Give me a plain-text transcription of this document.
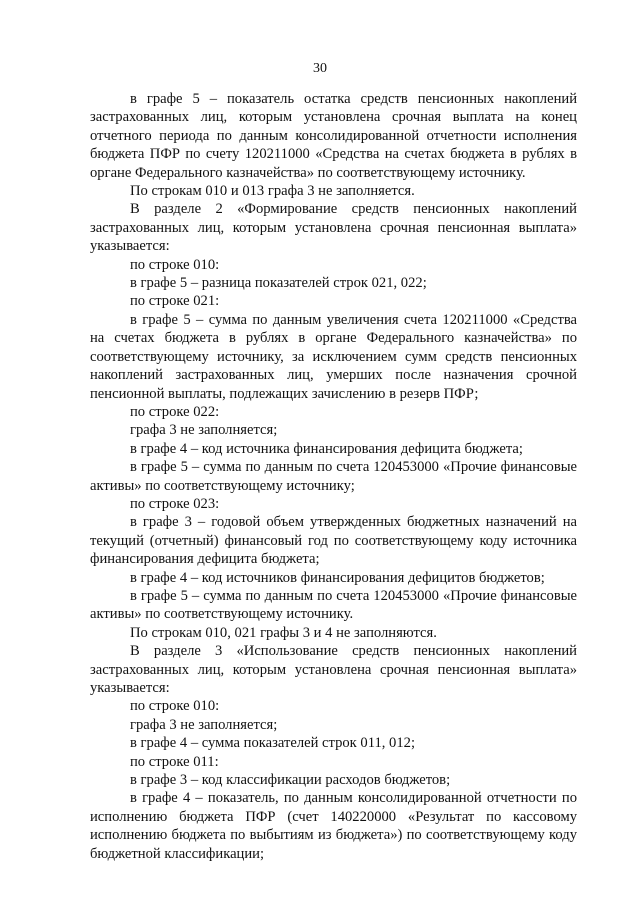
30

в графе 5 – показатель остатка средств пенсионных накоплений застрахованных лиц, которым установлена срочная выплата на конец отчетного периода по данным консолидированной отчетности исполнения бюджета ПФР по счету 120211000 «Средства на счетах бюджета в рублях в органе Федерального казначейства» по соответствующему источнику.

По строкам 010 и 013 графа 3 не заполняется.

В разделе 2 «Формирование средств пенсионных накоплений застрахованных лиц, которым установлена срочная пенсионная выплата» указывается:

по строке 010:

в графе 5 – разница показателей строк 021, 022;

по строке 021:

в графе 5 – сумма по данным увеличения счета 120211000 «Средства на счетах бюджета в рублях в органе Федерального казначейства» по соответствующему источнику, за исключением сумм средств пенсионных накоплений застрахованных лиц, умерших после назначения срочной пенсионной выплаты, подлежащих зачислению в резерв ПФР;

по строке 022:

графа 3 не заполняется;

в графе 4 – код источника финансирования дефицита бюджета;

в графе 5 – сумма по данным по счета 120453000 «Прочие финансовые активы» по соответствующему источнику;

по строке 023:

в графе 3 – годовой объем утвержденных бюджетных назначений на текущий (отчетный) финансовый год по соответствующему коду источника финансирования дефицита бюджета;

в графе 4 – код источников финансирования дефицитов бюджетов;

в графе 5 – сумма по данным по счета 120453000 «Прочие финансовые активы» по соответствующему источнику.

По строкам 010, 021 графы 3 и 4 не заполняются.

В разделе 3 «Использование средств пенсионных накоплений застрахованных лиц, которым установлена срочная пенсионная выплата» указывается:

по строке 010:

графа 3 не заполняется;

в графе 4 – сумма показателей строк 011, 012;

по строке 011:

в графе 3 – код классификации расходов бюджетов;

в графе 4 – показатель, по данным консолидированной отчетности по исполнению бюджета ПФР (счет 140220000 «Результат по кассовому исполнению бюджета по выбытиям из бюджета») по соответствующему коду бюджетной классификации;
